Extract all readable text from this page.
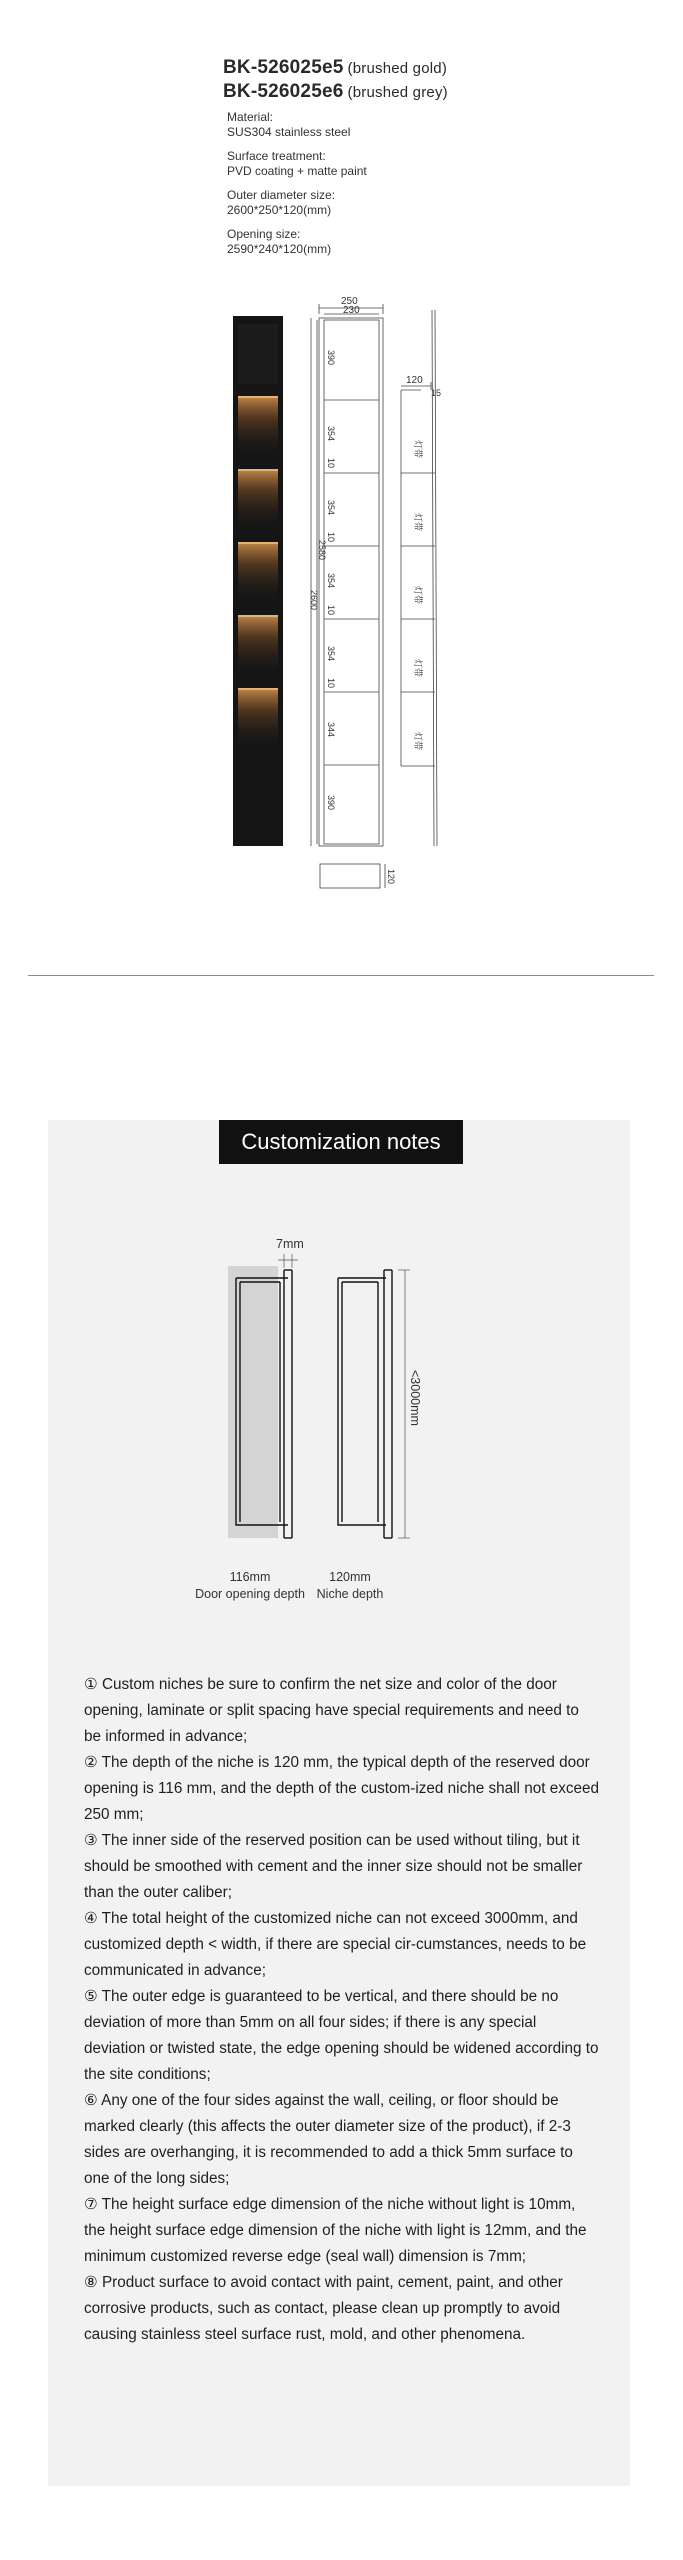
BK-526025e5 (brushed gold)
BK-526025e6 (brushed grey)
Material:
SUS304 stainless steel
Surface treatment:
PVD coating + matte paint
Outer diameter size:
2600*250*120(mm)
Opening size:
2590*240*120(mm)
250
230
2600
2580
390
354
10
354
10
354
10
354
10
344
390
120
15
灯带
灯带
灯带
灯带
灯带
120
Customization notes
7mm
<3000mm
116mm
Door opening depth
120mm
Niche depth

① Custom niches be sure to confirm the net size and color of the door opening, laminate or split spacing have special requirements and need to be informed in advance;

② The depth of the niche is 120 mm, the typical depth of the reserved door opening is 116 mm, and the depth of the custom-ized niche shall not exceed 250 mm;

③ The inner side of the reserved position can be used without tiling, but it should be smoothed with cement and the inner size should not be smaller than the outer caliber;

④ The total height of the customized niche can not exceed 3000mm, and customized depth < width, if there are special cir-cumstances, needs to be communicated in advance;

⑤ The outer edge is guaranteed to be vertical, and there should be no deviation of more than 5mm on all four sides; if there is any special deviation or twisted state, the edge opening should be widened according to the site conditions;

⑥ Any one of the four sides against the wall, ceiling, or floor should be marked clearly (this affects the outer diameter size of the product), if 2-3 sides are overhanging, it is recommended to add a thick 5mm surface to one of the long sides;

⑦ The height surface edge dimension of the niche without light is 10mm, the height surface edge dimension of the niche with light is 12mm, and the minimum customized reverse edge (seal wall) dimension is 7mm;

⑧ Product surface to avoid contact with paint, cement, paint, and other corrosive products, such as contact, please clean up promptly to avoid causing stainless steel surface rust, mold, and other phenomena.
